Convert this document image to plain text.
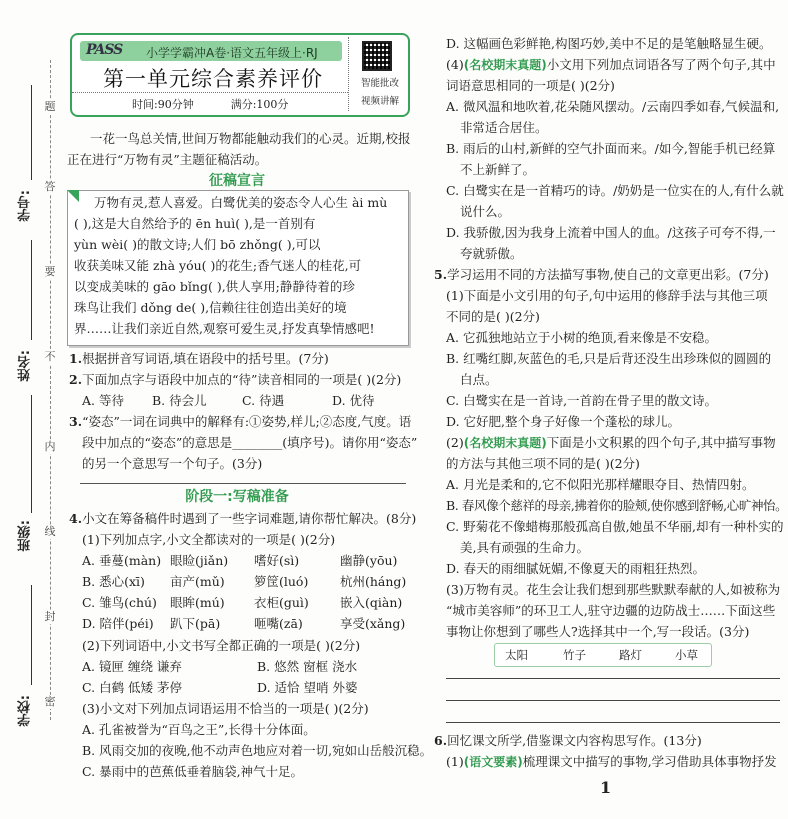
题
答
要
不
内
线
封
密
学号:
姓名:
班级:
学校:
PASS 小学学霸冲A卷·语文五年级上·RJ
第一单元综合素养评价
时间:90分钟	满分:100分
智能批改
视频讲解
一花一鸟总关情,世间万物都能触动我们的心灵。近期,校报
正在进行“万物有灵”主题征稿活动。
征稿宣言
万物有灵,惹人喜爱。白鹭优美的姿态令人心生 ài mù
( ),这是大自然给予的 ēn huì( ),是一首别有
yùn wèi( )的散文诗;人们 bō zhǒng( ),可以
收获美味又能 zhà yóu( )的花生;香气迷人的桂花,可
以变成美味的 gāo bǐng( ),供人享用;静静待着的珍
珠鸟让我们 dǒng de( ),信赖往往创造出美好的境
界……让我们亲近自然,观察可爱生灵,抒发真挚情感吧!
1.根据拼音写词语,填在语段中的括号里。(7分)
2.下面加点字与语段中加点的“待”读音相同的一项是( )(2分)
A. 等待 B. 待会儿	C. 待遇	D. 优待
3.“姿态”一词在词典中的解释有:①姿势,样儿;②态度,气度。语
段中加点的“姿态”的意思是________(填序号)。请你用“姿态”
的另一个意思写一个句子。(3分)
阶段一:写稿准备
4.小文在筹备稿件时遇到了一些字词难题,请你帮忙解决。(8分)
(1)下列加点字,小文全都读对的一项是( )(2分)
A. 垂蔓(màn) 眼睑(jiǎn) 嗜好(sì)	幽静(yōu)
B. 悉心(xī) 亩产(mǔ) 箩筐(luó)	杭州(háng)
C. 雏鸟(chú) 眼眸(mú) 衣柜(guì) 嵌入(qiàn)
D. 陪伴(péi) 趴下(pā)	咂嘴(zā)	享受(xǎng)
(2)下列词语中,小文书写全都正确的一项是( )(2分)
A. 镜匣 缠绕 谦弃	B. 悠然 窗框 浇水
C. 白鹤 低矮 茅停	D. 适恰 望哨 外婆
(3)小文对下列加点词语运用不恰当的一项是( )(2分)
A. 孔雀被誉为“百鸟之王”,长得十分体面。
B. 风雨交加的夜晚,他不动声色地应对着一切,宛如山岳般沉稳。
C. 暴雨中的芭蕉低垂着脑袋,神气十足。
D. 这幅画色彩鲜艳,构图巧妙,美中不足的是笔触略显生硬。
(4)(名校期末真题)小文用下列加点词语各写了两个句子,其中
词语意思相同的一项是( )(2分)
A. 微风温和地吹着,花朵随风摆动。/云南四季如春,气候温和,
非常适合居住。
B. 雨后的山村,新鲜的空气扑面而来。/如今,智能手机已经算
不上新鲜了。
C. 白鹭实在是一首精巧的诗。/奶奶是一位实在的人,有什么就
说什么。
D. 我骄傲,因为我身上流着中国人的血。/这孩子可夸不得,一
夸就骄傲。
5.学习运用不同的方法描写事物,使自己的文章更出彩。(7分)
(1)下面是小文引用的句子,句中运用的修辞手法与其他三项
不同的是( )(2分)
A. 它孤独地站立于小树的绝顶,看来像是不安稳。
B. 红嘴红脚,灰蓝色的毛,只是后背还没生出珍珠似的圆圆的
白点。
C. 白鹭实在是一首诗,一首韵在骨子里的散文诗。
D. 它好肥,整个身子好像一个蓬松的球儿。
(2)(名校期末真题)下面是小文积累的四个句子,其中描写事物
的方法与其他三项不同的是( )(2分)
A. 月光是柔和的,它不似阳光那样耀眼夺目、热情四射。
B. 春风像个慈祥的母亲,拂着你的脸颊,使你感到舒畅,心旷神怡。
C. 野菊花不像蜡梅那般孤高自傲,她虽不华丽,却有一种朴实的
美,具有顽强的生命力。
D. 春天的雨细腻妩媚,不像夏天的雨粗狂热烈。
(3)万物有灵。花生会让我们想到那些默默奉献的人,如被称为
“城市美容师”的环卫工人,驻守边疆的边防战士……下面这些
事物让你想到了哪些人?选择其中一个,写一段话。(3分)
太阳	竹子	路灯	小草
6.回忆课文所学,借鉴课文内容构思写作。(13分)
(1)(语文要素)梳理课文中描写的事物,学习借助具体事物抒发
1
